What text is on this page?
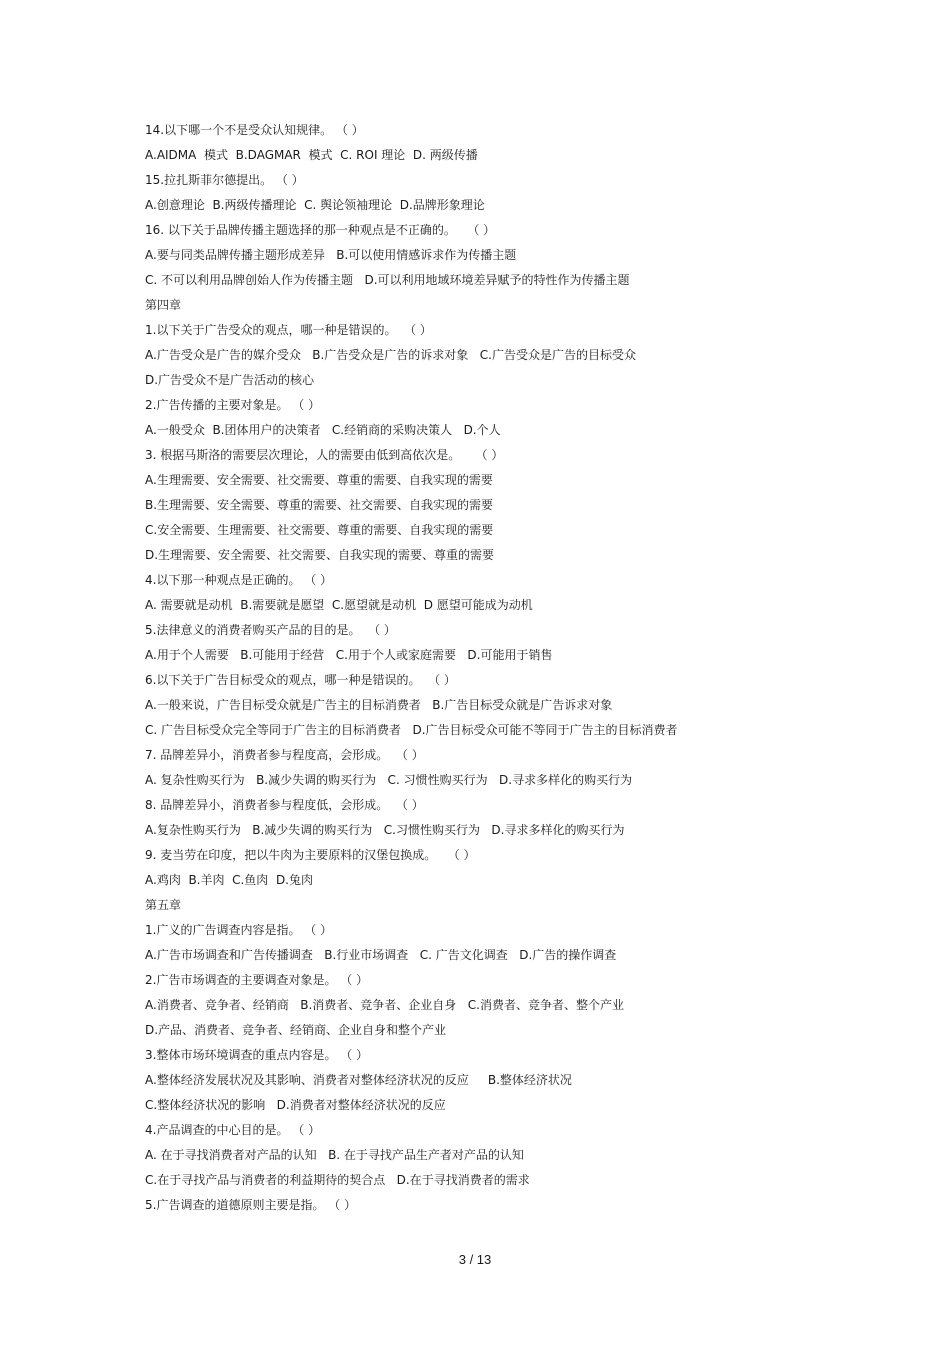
14.以下哪一个不是受众认知规律。 （ ）
A.AIDMA  模式  B.DAGMAR  模式  C. ROI 理论  D. 两级传播
15.拉扎斯菲尔德提出。 （ ）
A.创意理论  B.两级传播理论  C. 舆论领袖理论  D.品牌形象理论
16. 以下关于品牌传播主题选择的那一种观点是不正确的。   （ ）
A.要与同类品牌传播主题形成差异   B.可以使用情感诉求作为传播主题
C. 不可以利用品牌创始人作为传播主题   D.可以利用地域环境差异赋予的特性作为传播主题
第四章
1.以下关于广告受众的观点，哪一种是错误的。  （ ）
A.广告受众是广告的媒介受众   B.广告受众是广告的诉求对象   C.广告受众是广告的目标受众
D.广告受众不是广告活动的核心
2.广告传播的主要对象是。 （ ）
A.一般受众  B.团体用户的决策者   C.经销商的采购决策人   D.个人
3. 根据马斯洛的需要层次理论，人的需要由低到高依次是。    （ ）
A.生理需要、安全需要、社交需要、尊重的需要、自我实现的需要
B.生理需要、安全需要、尊重的需要、社交需要、自我实现的需要
C.安全需要、生理需要、社交需要、尊重的需要、自我实现的需要
D.生理需要、安全需要、社交需要、自我实现的需要、尊重的需要
4.以下那一种观点是正确的。 （ ）
A. 需要就是动机  B.需要就是愿望  C.愿望就是动机  D 愿望可能成为动机
5.法律意义的消费者购买产品的目的是。  （ ）
A.用于个人需要   B.可能用于经营   C.用于个人或家庭需要   D.可能用于销售
6.以下关于广告目标受众的观点，哪一种是错误的。  （ ）
A.一般来说，广告目标受众就是广告主的目标消费者   B.广告目标受众就是广告诉求对象
C. 广告目标受众完全等同于广告主的目标消费者   D.广告目标受众可能不等同于广告主的目标消费者
7. 品牌差异小，消费者参与程度高，会形成。  （ ）
A. 复杂性购买行为   B.减少失调的购买行为   C. 习惯性购买行为   D.寻求多样化的购买行为
8. 品牌差异小，消费者参与程度低，会形成。  （ ）
A.复杂性购买行为   B.减少失调的购买行为   C.习惯性购买行为   D.寻求多样化的购买行为
9. 麦当劳在印度，把以牛肉为主要原料的汉堡包换成。   （ ）
A.鸡肉  B.羊肉  C.鱼肉  D.兔肉
第五章
1.广义的广告调查内容是指。 （ ）
A.广告市场调查和广告传播调查   B.行业市场调查   C. 广告文化调查   D.广告的操作调查
2.广告市场调查的主要调查对象是。 （ ）
A.消费者、竞争者、经销商   B.消费者、竞争者、企业自身   C.消费者、竞争者、整个产业
D.产品、消费者、竞争者、经销商、企业自身和整个产业
3.整体市场环境调查的重点内容是。 （ ）
A.整体经济发展状况及其影响、消费者对整体经济状况的反应     B.整体经济状况
C.整体经济状况的影响   D.消费者对整体经济状况的反应
4.产品调查的中心目的是。 （ ）
A. 在于寻找消费者对产品的认知   B. 在于寻找产品生产者对产品的认知
C.在于寻找产品与消费者的利益期待的契合点   D.在于寻找消费者的需求
5.广告调查的道德原则主要是指。 （ ）
3 / 13
